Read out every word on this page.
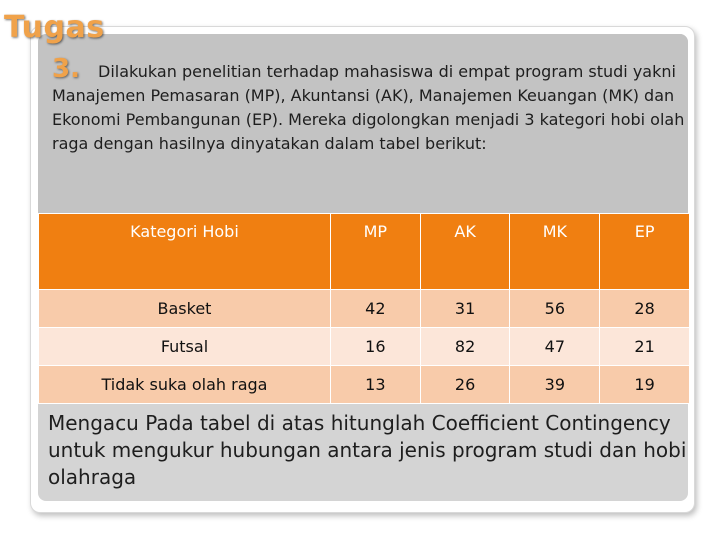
Tugas
3.	Dilakukan penelitian terhadap mahasiswa di empat program studi yakni Manajemen Pemasaran (MP), Akuntansi (AK), Manajemen Keuangan (MK) dan Ekonomi Pembangunan (EP). Mereka digolongkan menjadi 3 kategori hobi olah raga dengan hasilnya dinyatakan dalam tabel berikut:

Kategori Hobi	MP	AK	MK	EP
Basket	42	31	56	28
Futsal	16	82	47	21
Tidak suka olah raga	13	26	39	19

Mengacu Pada tabel di atas hitunglah Coefficient Contingency untuk mengukur hubungan antara jenis program studi dan hobi olahraga
